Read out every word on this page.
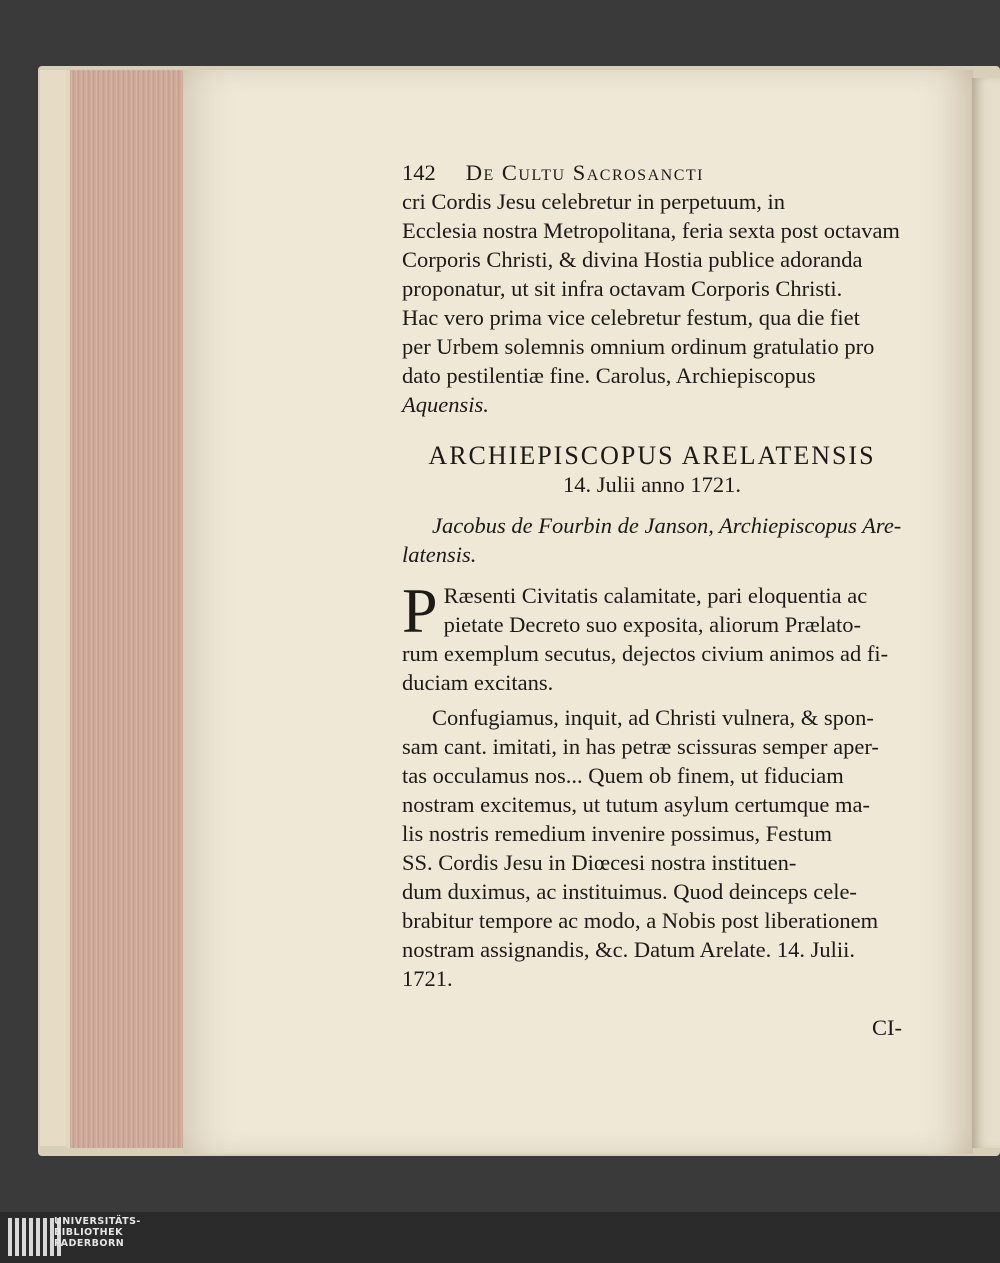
142 De Cultu Sacrosancti
cri Cordis Jesu celebretur in perpetuum, in
Ecclesia nostra Metropolitana, feria sexta post octavam
Corporis Christi, & divina Hostia publice adoranda
proponatur, ut sit infra octavam Corporis Christi.
Hac vero prima vice celebretur festum, qua die fiet
per Urbem solemnis omnium ordinum gratulatio pro
dato pestilentiæ fine. Carolus, Archiepiscopus
Aquensis.
ARCHIEPISCOPUS ARELATENSIS
14. Julii anno 1721.
Jacobus de Fourbin de Janson, Archiepiscopus Are-
latensis.
P Ræsenti Civitatis calamitate, pari eloquentia ac
pietate Decreto suo exposita, aliorum Prælato-
rum exemplum secutus, dejectos civium animos ad fi-
duciam excitans.
Confugiamus, inquit, ad Christi vulnera, & spon-
sam cant. imitati, in has petræ scissuras semper aper-
tas occulamus nos... Quem ob finem, ut fiduciam
nostram excitemus, ut tutum asylum certumque ma-
lis nostris remedium invenire possimus, Festum
SS. Cordis Jesu in Diœcesi nostra instituen-
dum duximus, ac instituimus. Quod deinceps cele-
brabitur tempore ac modo, a Nobis post liberationem
nostram assignandis, &c. Datum Arelate. 14. Julii.
1721.
CI-
UNIVERSITÄTS-
BIBLIOTHEK
PADERBORN
